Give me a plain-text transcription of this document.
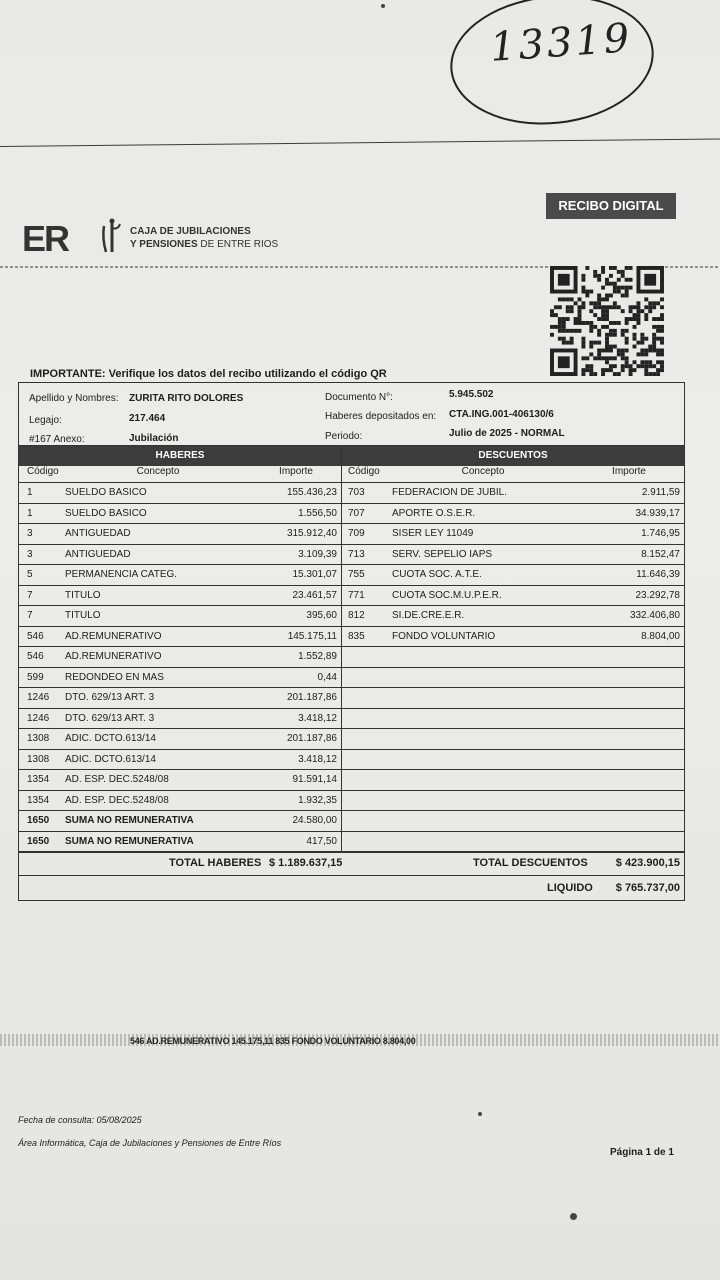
13319
RECIBO DIGITAL
ER	CAJA DE JUBILACIONES
Y PENSIONES DE ENTRE RIOS
IMPORTANTE: Verifique los datos del recibo utilizando el código QR
Apellido y Nombres: ZURITA RITO DOLORES	Documento N°:	5.945.502
Legajo:	217.464	Haberes depositados en: CTA.ING.001-406130/6
#167 Anexo:	Jubilación	Periodo:	Julio de 2025 - NORMAL
HABERES
Código	Concepto	Importe
1	SUELDO BASICO	155.436,23
1	SUELDO BASICO	1.556,50
3	ANTIGUEDAD	315.912,40
3	ANTIGUEDAD	3.109,39
5	PERMANENCIA CATEG.	15.301,07
7	TITULO	23.461,57
7	TITULO	395,60
546	AD.REMUNERATIVO	145.175,11
546	AD.REMUNERATIVO	1.552,89
599	REDONDEO EN MAS	0,44
1246	DTO. 629/13 ART. 3	201.187,86
1246	DTO. 629/13 ART. 3	3.418,12
1308	ADIC. DCTO.613/14	201.187,86
1308	ADIC. DCTO.613/14	3.418,12
1354	AD. ESP. DEC.5248/08	91.591,14
1354	AD. ESP. DEC.5248/08	1.932,35
1650	SUMA NO REMUNERATIVA	24.580,00
1650	SUMA NO REMUNERATIVA	417,50
DESCUENTOS
Código	Concepto	Importe
703	FEDERACION DE JUBIL.	2.911,59
707	APORTE O.S.E.R.	34.939,17
709	SISER LEY 11049	1.746,95
713	SERV. SEPELIO IAPS	8.152,47
755	CUOTA SOC. A.T.E.	11.646,39
771	CUOTA SOC.M.U.P.E.R.	23.292,78
812	SI.DE.CRE.E.R.	332.406,80
835	FONDO VOLUNTARIO	8.804,00
TOTAL HABERES $ 1.189.637,15	TOTAL DESCUENTOS	$ 423.900,15
LIQUIDO $ 765.737,00
546 AD.REMUNERATIVO 145.175,11 835 FONDO VOLUNTARIO 8.804,00
Fecha de consulta: 05/08/2025
Área Informática, Caja de Jubilaciones y Pensiones de Entre Ríos
Página 1 de 1
